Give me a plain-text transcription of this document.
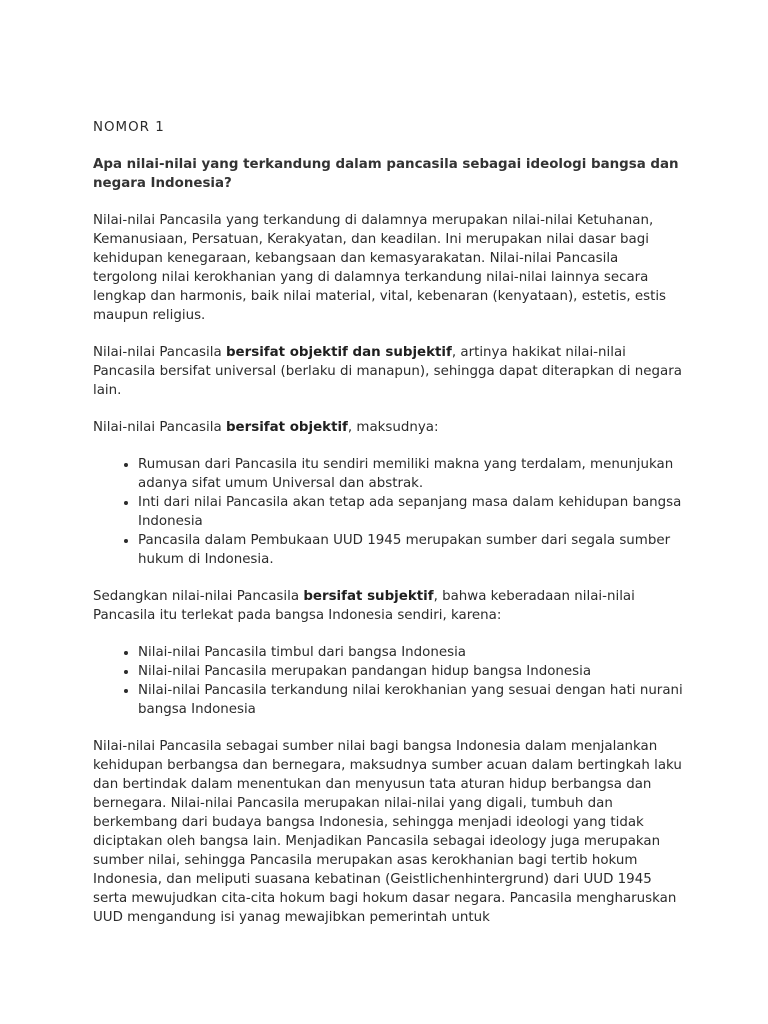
NOMOR 1
Apa nilai-nilai yang terkandung dalam pancasila sebagai ideologi bangsa dan negara Indonesia?

Nilai-nilai Pancasila yang terkandung di dalamnya merupakan nilai-nilai Ketuhanan, Kemanusiaan, Persatuan, Kerakyatan, dan keadilan. Ini merupakan nilai dasar bagi kehidupan kenegaraan, kebangsaan dan kemasyarakatan. Nilai-nilai Pancasila tergolong nilai kerokhanian yang di dalamnya terkandung nilai-nilai lainnya secara lengkap dan harmonis, baik nilai material, vital, kebenaran (kenyataan), estetis, estis maupun religius.

Nilai-nilai Pancasila bersifat objektif dan subjektif, artinya hakikat nilai-nilai Pancasila bersifat universal (berlaku di manapun), sehingga dapat diterapkan di negara lain.

Nilai-nilai Pancasila bersifat objektif, maksudnya:

• Rumusan dari Pancasila itu sendiri memiliki makna yang terdalam, menunjukan adanya sifat umum Universal dan abstrak.
• Inti dari nilai Pancasila akan tetap ada sepanjang masa dalam kehidupan bangsa Indonesia
• Pancasila dalam Pembukaan UUD 1945 merupakan sumber dari segala sumber hukum di Indonesia.

Sedangkan nilai-nilai Pancasila bersifat subjektif, bahwa keberadaan nilai-nilai Pancasila itu terlekat pada bangsa Indonesia sendiri, karena:

• Nilai-nilai Pancasila timbul dari bangsa Indonesia
• Nilai-nilai Pancasila merupakan pandangan hidup bangsa Indonesia
• Nilai-nilai Pancasila terkandung nilai kerokhanian yang sesuai dengan hati nurani bangsa Indonesia

Nilai-nilai Pancasila sebagai sumber nilai bagi bangsa Indonesia dalam menjalankan kehidupan berbangsa dan bernegara, maksudnya sumber acuan dalam bertingkah laku dan bertindak dalam menentukan dan menyusun tata aturan hidup berbangsa dan bernegara. Nilai-nilai Pancasila merupakan nilai-nilai yang digali, tumbuh dan berkembang dari budaya bangsa Indonesia, sehingga menjadi ideologi yang tidak diciptakan oleh bangsa lain. Menjadikan Pancasila sebagai ideology juga merupakan sumber nilai, sehingga Pancasila merupakan asas kerokhanian bagi tertib hokum Indonesia, dan meliputi suasana kebatinan (Geistlichenhintergrund) dari UUD 1945 serta mewujudkan cita-cita hokum bagi hokum dasar negara. Pancasila mengharuskan UUD mengandung isi yanag mewajibkan pemerintah untuk
